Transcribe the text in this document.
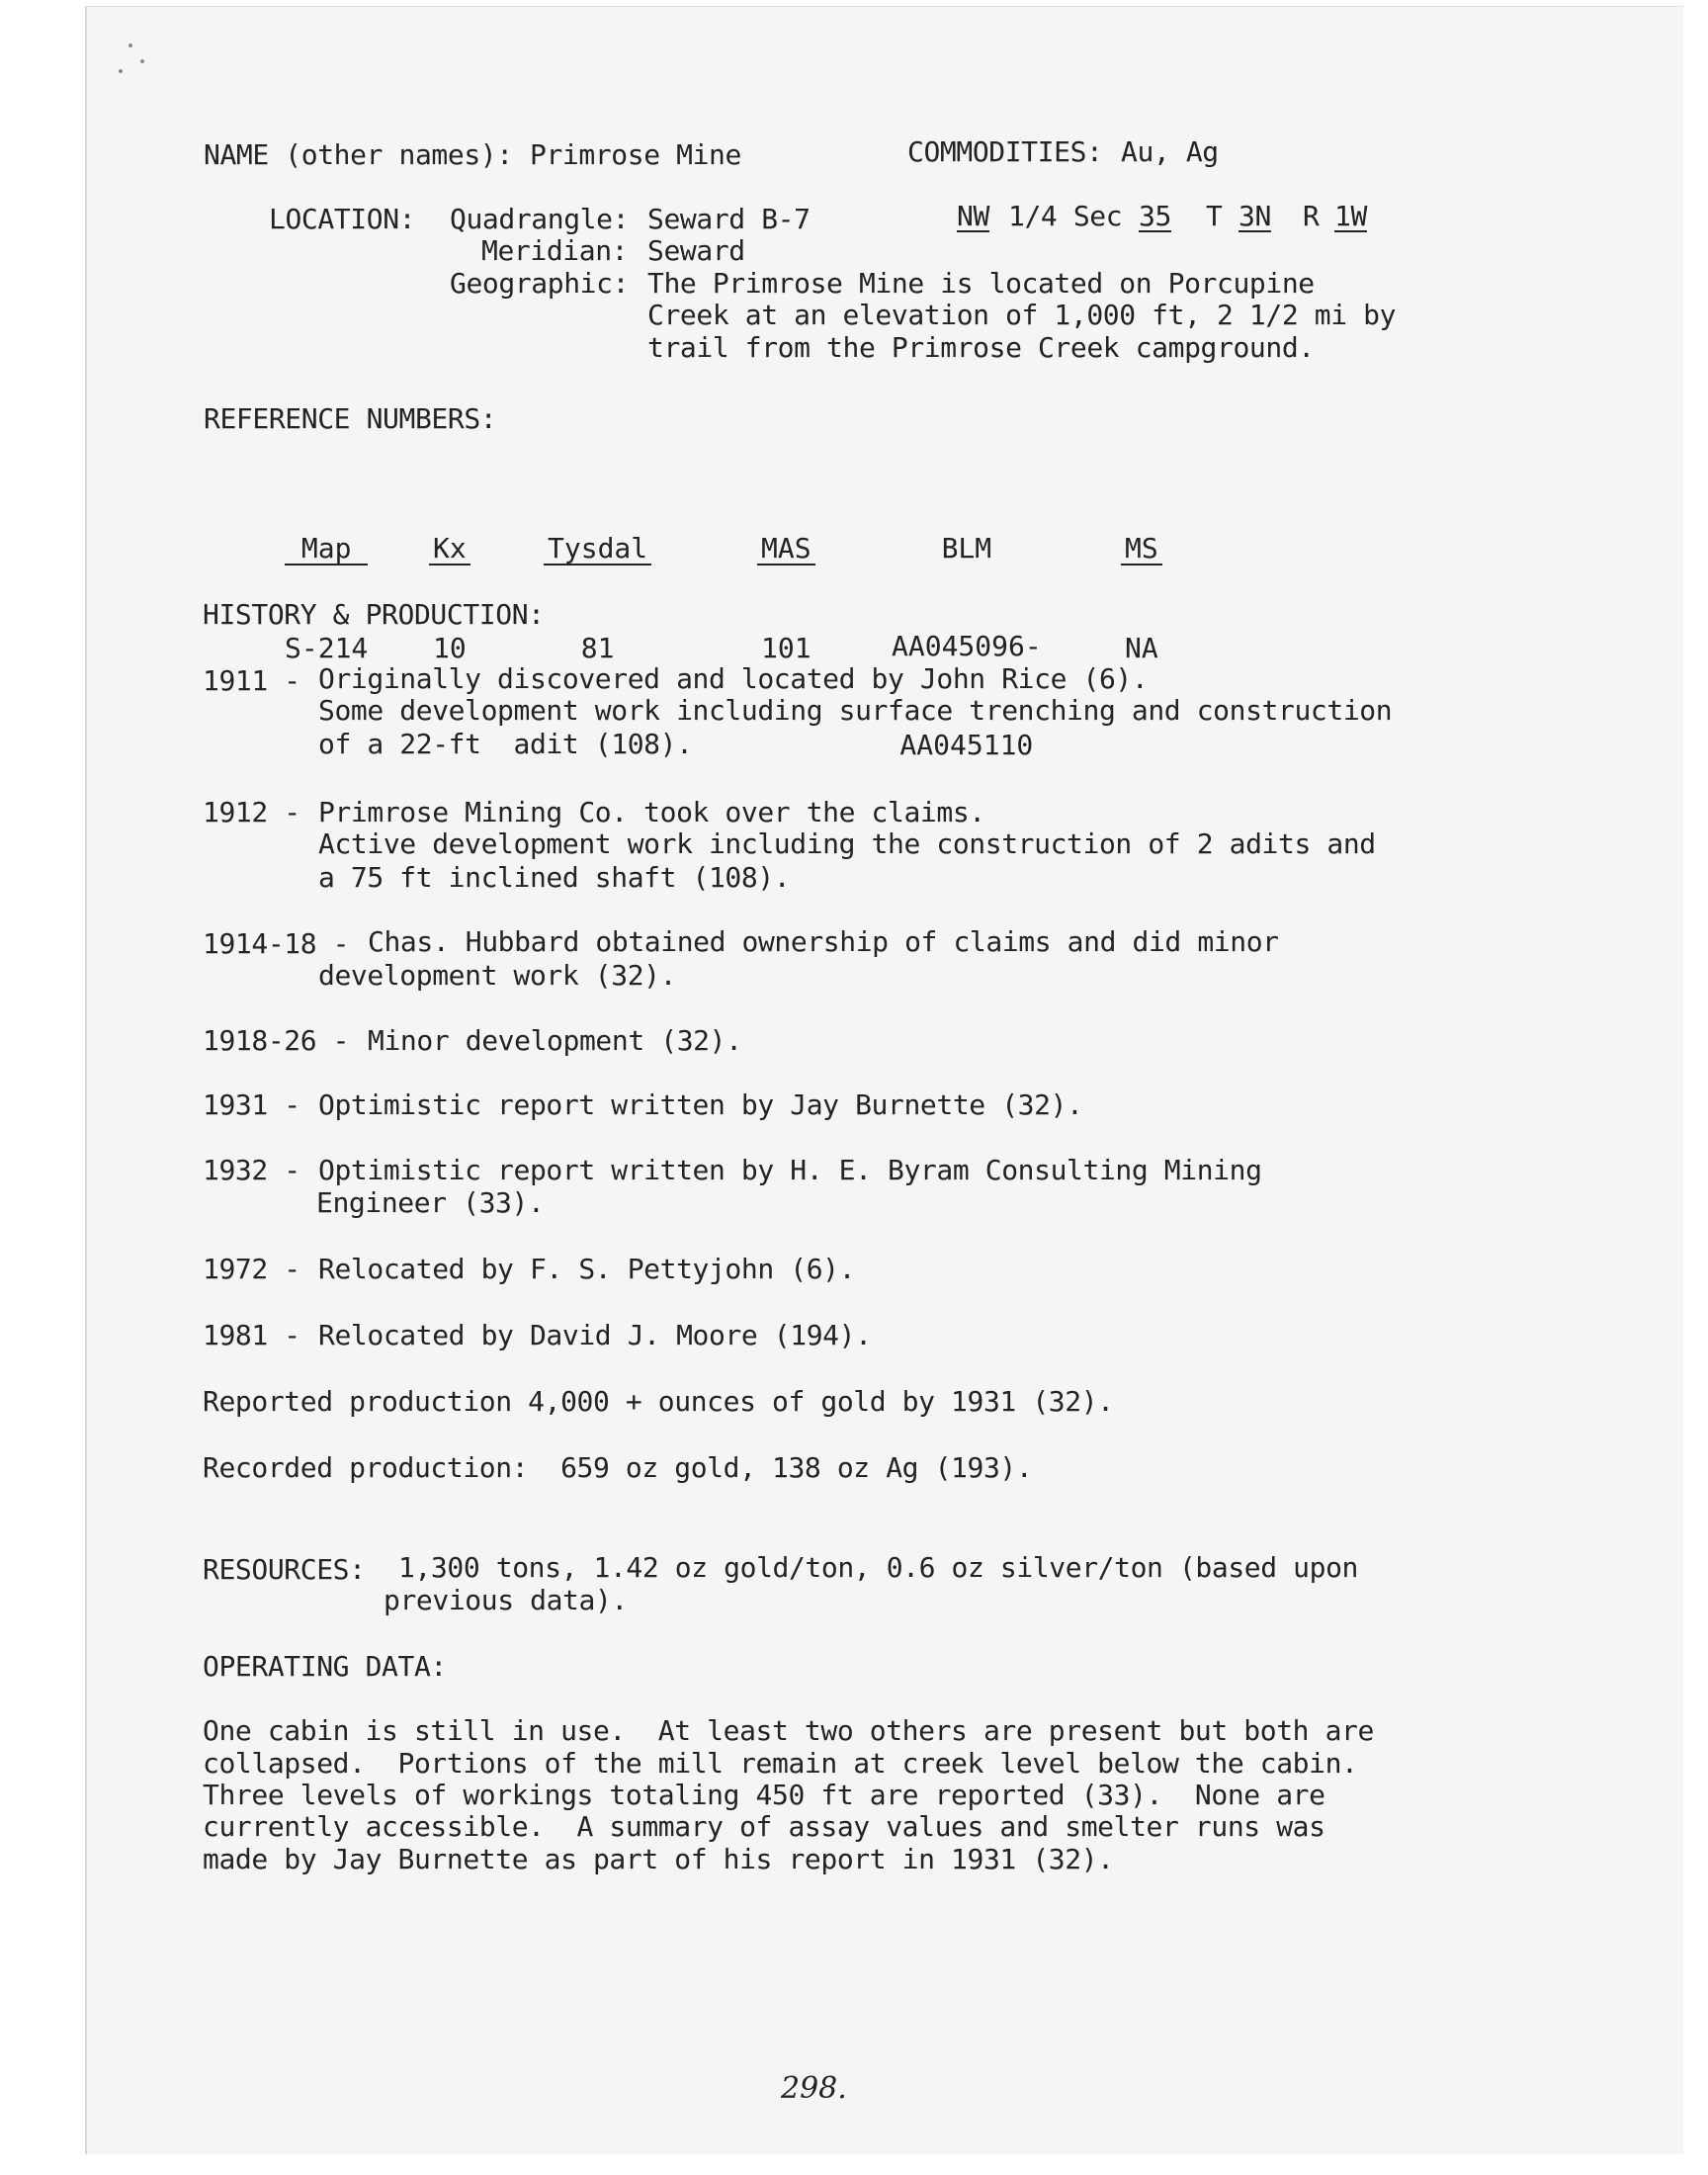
NAME (other names): Primrose Mine	COMMODITIES: Au, Ag
LOCATION: Quadrangle: Seward B-7	NW 1/4 Sec 35 T 3N R 1W
Meridian: Seward
Geographic: The Primrose Mine is located on Porcupine
Creek at an elevation of 1,000 ft, 2 1/2 mi by
trail from the Primrose Creek campground.
REFERENCE NUMBERS:

Map

S-214

Kx

10

Tysdal

81

MAS

101

BLM

AA045096-

AA045110

MS

NA

HISTORY & PRODUCTION:
1911 - Originally discovered and located by John Rice (6).
Some development work including surface trenching and construction
of a 22-ft  adit (108).
1912 - Primrose Mining Co. took over the claims.
Active development work including the construction of 2 adits and
a 75 ft inclined shaft (108).
1914-18 - Chas. Hubbard obtained ownership of claims and did minor
development work (32).
1918-26 - Minor development (32).
1931 - Optimistic report written by Jay Burnette (32).
1932 - Optimistic report written by H. E. Byram Consulting Mining
Engineer (33).
1972 - Relocated by F. S. Pettyjohn (6).
1981 - Relocated by David J. Moore (194).
Reported production 4,000 + ounces of gold by 1931 (32).
Recorded production:  659 oz gold, 138 oz Ag (193).
RESOURCES: 1,300 tons, 1.42 oz gold/ton, 0.6 oz silver/ton (based upon
previous data).
OPERATING DATA:
One cabin is still in use.  At least two others are present but both are
collapsed.  Portions of the mill remain at creek level below the cabin.
Three levels of workings totaling 450 ft are reported (33).  None are
currently accessible.  A summary of assay values and smelter runs was
made by Jay Burnette as part of his report in 1931 (32).
298.
